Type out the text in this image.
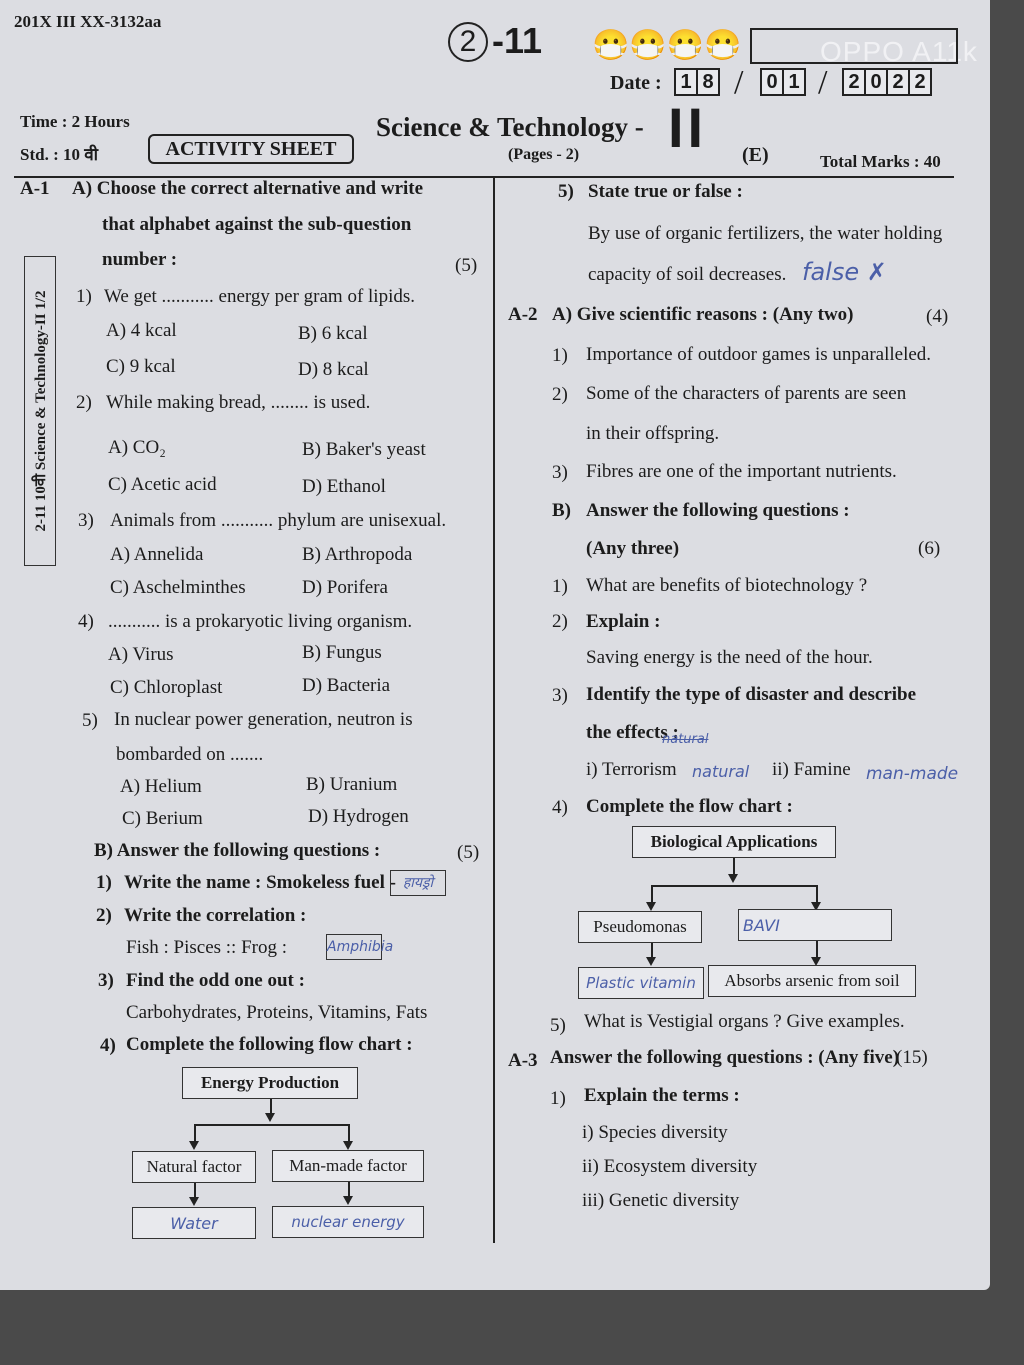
201X III XX-3132aa
2 -11 😷😷😷😷	OPPO A11k
Date : 1 8 /	0 1 /	2 0 2 2
Time : 2 Hours
Std. : 10 वी	ACTIVITY SHEET
Science & Technology - II
(Pages - 2)	(E)	Total Marks : 40
2-11 10वी Science & Technology-II 1/2
A-1 A) Choose the correct alternative and write
that alphabet against the sub-question
number :	(5)
1) We get ........... energy per gram of lipids.
A) 4 kcal	B) 6 kcal
C) 9 kcal	D) 8 kcal
2) While making bread, ........ is used.
A) CO₂	B) Baker's yeast
C) Acetic acid	D) Ethanol
3) Animals from ........... phylum are unisexual.
A) Annelida	B) Arthropoda
C) Aschelminthes	D) Porifera
4) ........... is a prokaryotic living organism.
A) Virus	B) Fungus
C) Chloroplast	D) Bacteria
5) In nuclear power generation, neutron is
bombarded on .......
A) Helium	B) Uranium
C) Berium	D) Hydrogen
B) Answer the following questions :	(5)
1) Write the name : Smokeless fuel - हायड्रो
2) Write the correlation :
Fish : Pisces :: Frog :	Amphibia
3) Find the odd one out :
Carbohydrates, Proteins, Vitamins, Fats
4) Complete the following flow chart :
Energy Production
Natural factor	Man-made factor
Water	nuclear energy
5) State true or false :
By use of organic fertilizers, the water holding
capacity of soil decreases. false ✗
A-2 A) Give scientific reasons : (Any two)	(4)
1) Importance of outdoor games is unparalleled.
2) Some of the characters of parents are seen
in their offspring.
3) Fibres are one of the important nutrients.
B) Answer the following questions :
(Any three)	(6)
1) What are benefits of biotechnology ?
2) Explain :
Saving energy is the need of the hour.
3) Identify the type of disaster and describe
the effects :
natural
i) Terrorism natural ii) Famine man-made
4) Complete the flow chart :
Biological Applications
Pseudomonas	BAVI
Plastic vitamin	Absorbs arsenic from soil
5) What is Vestigial organs ? Give examples.
A-3 Answer the following questions : (Any five)
(15)
1) Explain the terms :
i) Species diversity
ii) Ecosystem diversity
iii) Genetic diversity
